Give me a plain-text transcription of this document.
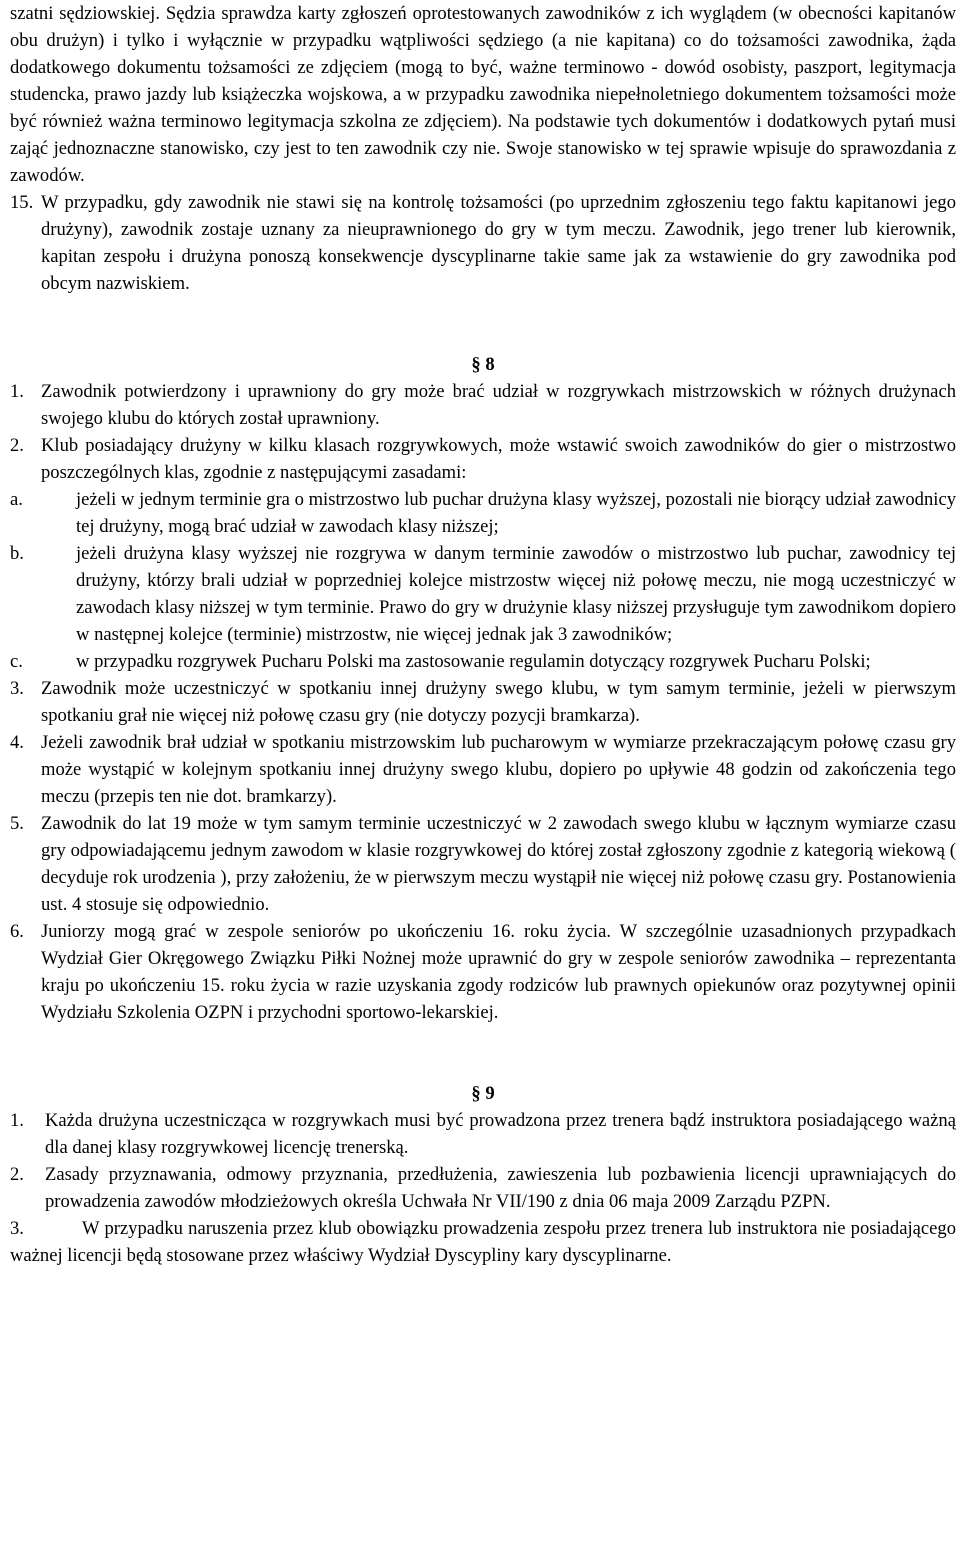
szatni sędziowskiej. Sędzia sprawdza karty zgłoszeń oprotestowanych zawodników z ich wyglądem (w obecności kapitanów obu drużyn) i tylko i wyłącznie w przypadku wątpliwości sędziego (a nie kapitana) co do tożsamości zawodnika, żąda dodatkowego dokumentu tożsamości ze zdjęciem (mogą to być, ważne terminowo - dowód osobisty, paszport, legitymacja studencka, prawo jazdy lub książeczka wojskowa, a w przypadku zawodnika niepełnoletniego dokumentem tożsamości może być również ważna terminowo legitymacja szkolna ze zdjęciem). Na podstawie tych dokumentów i dodatkowych pytań musi zająć jednoznaczne stanowisko, czy jest to ten zawodnik czy nie. Swoje stanowisko w tej sprawie wpisuje do sprawozdania z zawodów.

15. W przypadku, gdy zawodnik nie stawi się na kontrolę tożsamości (po uprzednim zgłoszeniu tego faktu kapitanowi jego drużyny), zawodnik zostaje uznany za nieuprawnionego do gry w tym meczu. Zawodnik, jego trener lub kierownik, kapitan zespołu i drużyna ponoszą konsekwencje dyscyplinarne takie same jak za wstawienie do gry zawodnika pod obcym nazwiskiem.

§ 8

1. Zawodnik potwierdzony i uprawniony do gry może brać udział w rozgrywkach mistrzowskich w różnych drużynach swojego klubu do których został uprawniony.
2. Klub posiadający drużyny w kilku klasach rozgrywkowych, może wstawić swoich zawodników do gier o mistrzostwo poszczególnych klas, zgodnie z następującymi zasadami:
a.	jeżeli w jednym terminie gra o mistrzostwo lub puchar drużyna klasy wyższej, pozostali nie biorący udział zawodnicy tej drużyny, mogą brać udział w zawodach klasy niższej;
b.	jeżeli drużyna klasy wyższej nie rozgrywa w danym terminie zawodów o mistrzostwo lub puchar, zawodnicy tej drużyny, którzy brali udział w poprzedniej kolejce mistrzostw więcej niż połowę meczu, nie mogą uczestniczyć w zawodach klasy niższej w tym terminie. Prawo do gry w drużynie klasy niższej przysługuje tym zawodnikom dopiero w następnej kolejce (terminie) mistrzostw, nie więcej jednak jak 3 zawodników;
c.	w przypadku rozgrywek Pucharu Polski ma zastosowanie regulamin dotyczący rozgrywek Pucharu Polski;
3. Zawodnik może uczestniczyć w spotkaniu innej drużyny swego klubu, w tym samym terminie, jeżeli w pierwszym spotkaniu grał nie więcej niż połowę czasu gry (nie dotyczy pozycji bramkarza).
4. Jeżeli zawodnik brał udział w spotkaniu mistrzowskim lub pucharowym w wymiarze przekraczającym połowę czasu gry może wystąpić w kolejnym spotkaniu innej drużyny swego klubu, dopiero po upływie 48 godzin od zakończenia tego meczu (przepis ten nie dot. bramkarzy).
5. Zawodnik do lat 19 może w tym samym terminie uczestniczyć w 2 zawodach swego klubu w łącznym wymiarze czasu gry odpowiadającemu jednym zawodom w klasie rozgrywkowej do której został zgłoszony zgodnie z kategorią wiekową ( decyduje rok urodzenia ), przy założeniu, że w pierwszym meczu wystąpił nie więcej niż połowę czasu gry. Postanowienia ust. 4 stosuje się odpowiednio.
6. Juniorzy mogą grać w zespole seniorów po ukończeniu 16. roku życia. W szczególnie uzasadnionych przypadkach Wydział Gier Okręgowego Związku Piłki Nożnej może uprawnić do gry w zespole seniorów zawodnika – reprezentanta kraju po ukończeniu 15. roku życia w razie uzyskania zgody rodziców lub prawnych opiekunów oraz pozytywnej opinii Wydziału Szkolenia OZPN i przychodni sportowo-lekarskiej.

§ 9

1. Każda drużyna uczestnicząca w rozgrywkach musi być prowadzona przez trenera bądź instruktora posiadającego ważną dla danej klasy rozgrywkowej licencję trenerską.
2. Zasady przyznawania, odmowy przyznania, przedłużenia, zawieszenia lub pozbawienia licencji uprawniających do prowadzenia zawodów młodzieżowych określa Uchwała Nr VII/190 z dnia 06 maja 2009 Zarządu PZPN.

3.	W przypadku naruszenia przez klub obowiązku prowadzenia zespołu przez trenera lub instruktora nie posiadającego ważnej licencji będą stosowane przez właściwy Wydział Dyscypliny kary dyscyplinarne.
